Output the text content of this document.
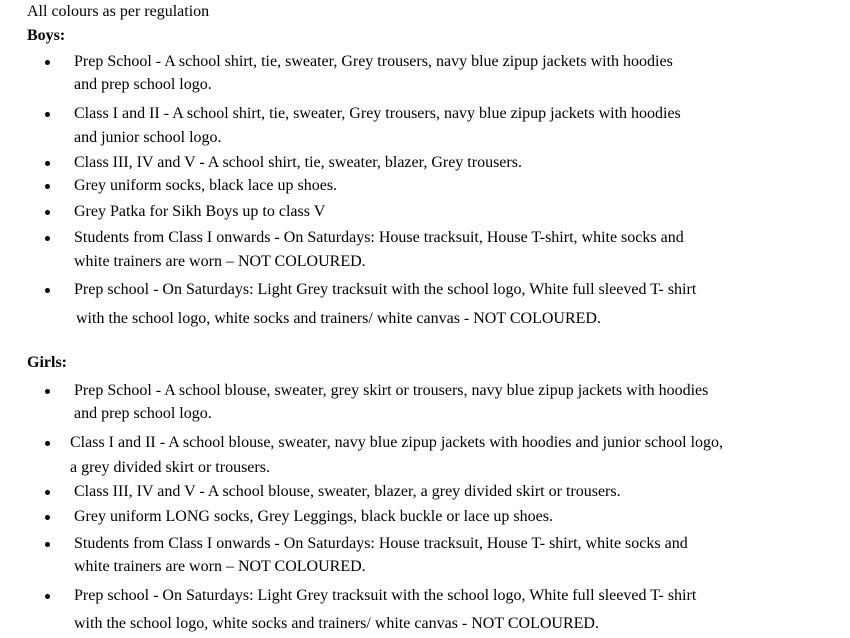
All colours as per regulation
Boys:
Prep School - A school shirt, tie, sweater, Grey trousers, navy blue zipup jackets with hoodies
and prep school logo.
Class I and II - A school shirt, tie, sweater, Grey trousers, navy blue zipup jackets with hoodies
and junior school logo.
Class III, IV and V - A school shirt, tie, sweater, blazer, Grey trousers.
Grey uniform socks, black lace up shoes.
Grey Patka for Sikh Boys up to class V
Students from Class I onwards - On Saturdays: House tracksuit, House T-shirt, white socks and
white trainers are worn – NOT COLOURED.
Prep school - On Saturdays: Light Grey tracksuit with the school logo, White full sleeved T- shirt
with the school logo, white socks and trainers/ white canvas - NOT COLOURED.
Girls:
Prep School - A school blouse, sweater, grey skirt or trousers, navy blue zipup jackets with hoodies
and prep school logo.
Class I and II - A school blouse, sweater, navy blue zipup jackets with hoodies and junior school logo,
a grey divided skirt or trousers.
Class III, IV and V - A school blouse, sweater, blazer, a grey divided skirt or trousers.
Grey uniform LONG socks, Grey Leggings, black buckle or lace up shoes.
Students from Class I onwards - On Saturdays: House tracksuit, House T- shirt, white socks and
white trainers are worn – NOT COLOURED.
Prep school - On Saturdays: Light Grey tracksuit with the school logo, White full sleeved T- shirt
with the school logo, white socks and trainers/ white canvas - NOT COLOURED.
